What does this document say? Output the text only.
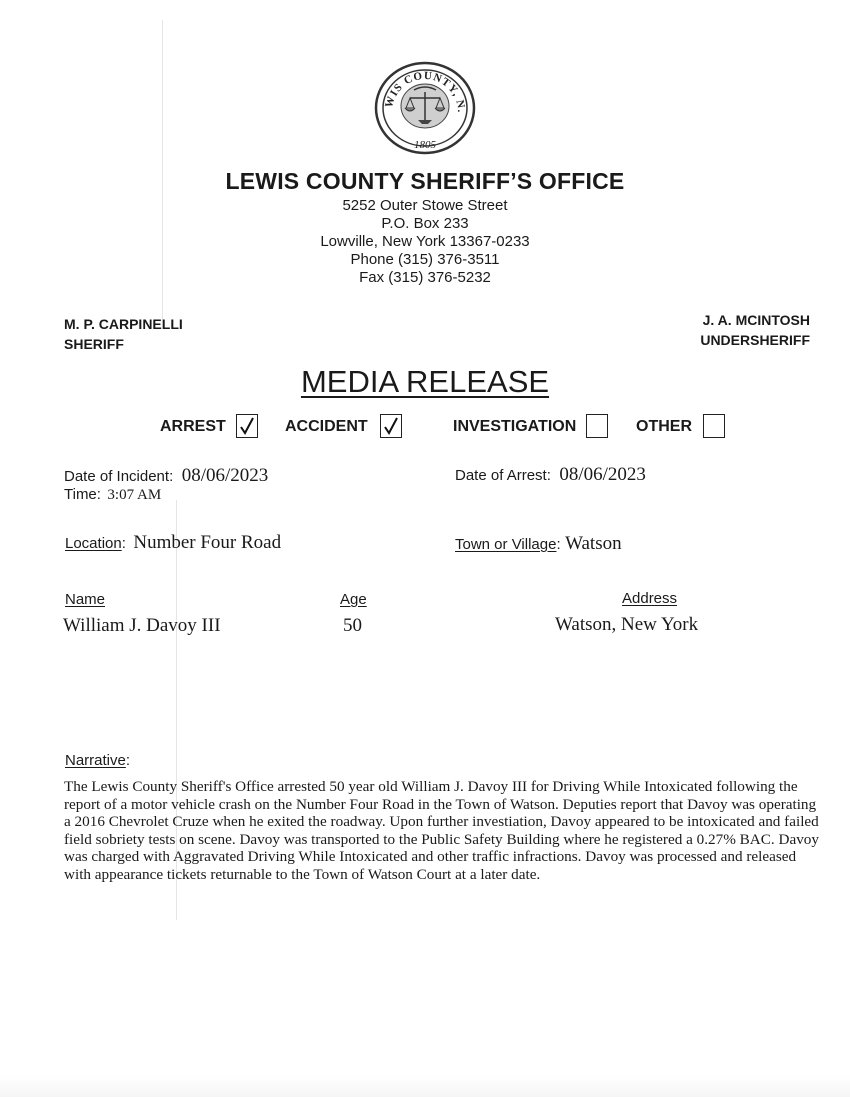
WIS COUNTY, N.
1805
LEWIS COUNTY SHERIFF’S OFFICE
5252 Outer Stowe Street
P.O. Box 233
Lowville, New York 13367-0233
Phone (315) 376-3511
Fax (315) 376-5232
M. P. CARPINELLI
SHERIFF
J. A. MCINTOSH
UNDERSHERIFF
MEDIA RELEASE
ARREST	ACCIDENT	INVESTIGATION	OTHER
Date of Incident: 08/06/2023
Time: 3:07 AM
Date of Arrest: 08/06/2023
Location: Number Four Road	Town or Village: Watson
Name	Age	Address
William J. Davoy III	50	Watson, New York
Narrative:
The Lewis County Sheriff's Office arrested 50 year old William J. Davoy III for Driving While Intoxicated following the report of a motor vehicle crash on the Number Four Road in the Town of Watson. Deputies report that Davoy was operating a 2016 Chevrolet Cruze when he exited the roadway. Upon further investiation, Davoy appeared to be intoxicated and failed field sobriety tests on scene. Davoy was transported to the Public Safety Building where he registered a 0.27% BAC. Davoy was charged with Aggravated Driving While Intoxicated and other traffic infractions. Davoy was processed and released with appearance tickets returnable to the Town of Watson Court at a later date.
